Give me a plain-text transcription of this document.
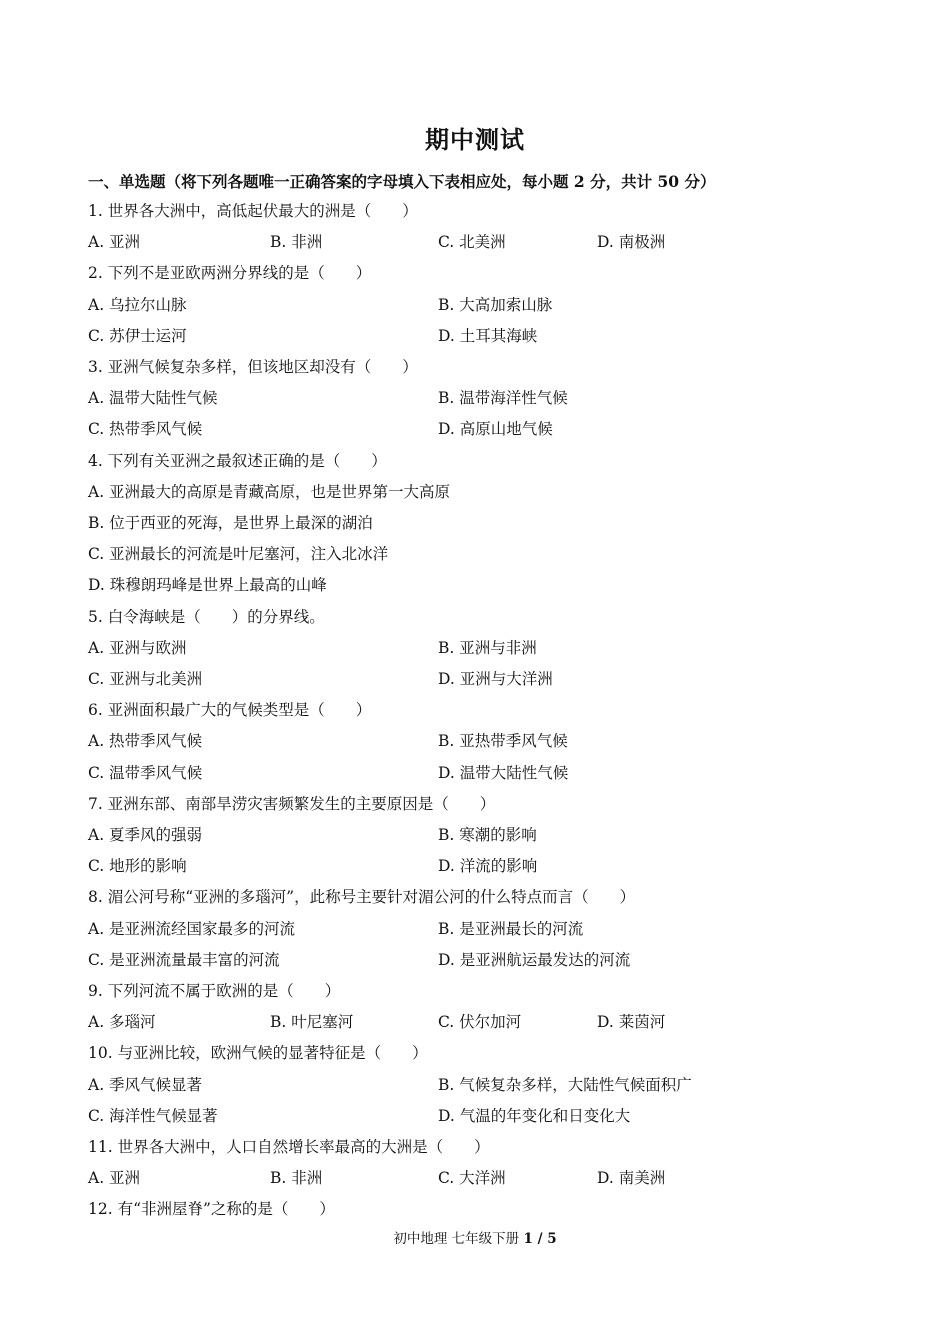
期中测试
一、单选题（将下列各题唯一正确答案的字母填入下表相应处，每小题 2 分，共计 50 分）
1. 世界各大洲中，高低起伏最大的洲是（　　）
A. 亚洲	B. 非洲	C. 北美洲	D. 南极洲
2. 下列不是亚欧两洲分界线的是（　　）
A. 乌拉尔山脉	B. 大高加索山脉
C. 苏伊士运河	D. 土耳其海峡
3. 亚洲气候复杂多样，但该地区却没有（　　）
A. 温带大陆性气候	B. 温带海洋性气候
C. 热带季风气候	D. 高原山地气候
4. 下列有关亚洲之最叙述正确的是（　　）
A. 亚洲最大的高原是青藏高原，也是世界第一大高原
B. 位于西亚的死海，是世界上最深的湖泊
C. 亚洲最长的河流是叶尼塞河，注入北冰洋
D. 珠穆朗玛峰是世界上最高的山峰
5. 白令海峡是（　　）的分界线。
A. 亚洲与欧洲	B. 亚洲与非洲
C. 亚洲与北美洲	D. 亚洲与大洋洲
6. 亚洲面积最广大的气候类型是（　　）
A. 热带季风气候	B. 亚热带季风气候
C. 温带季风气候	D. 温带大陆性气候
7. 亚洲东部、南部旱涝灾害频繁发生的主要原因是（　　）
A. 夏季风的强弱	B. 寒潮的影响
C. 地形的影响	D. 洋流的影响
8. 湄公河号称“亚洲的多瑙河”，此称号主要针对湄公河的什么特点而言（　　）
A. 是亚洲流经国家最多的河流	B. 是亚洲最长的河流
C. 是亚洲流量最丰富的河流	D. 是亚洲航运最发达的河流
9. 下列河流不属于欧洲的是（　　）
A. 多瑙河	B. 叶尼塞河	C. 伏尔加河	D. 莱茵河
10. 与亚洲比较，欧洲气候的显著特征是（　　）
A. 季风气候显著	B. 气候复杂多样，大陆性气候面积广
C. 海洋性气候显著	D. 气温的年变化和日变化大
11. 世界各大洲中，人口自然增长率最高的大洲是（　　）
A. 亚洲	B. 非洲	C. 大洋洲	D. 南美洲
12. 有“非洲屋脊”之称的是（　　）
初中地理 七年级下册 1 / 5
